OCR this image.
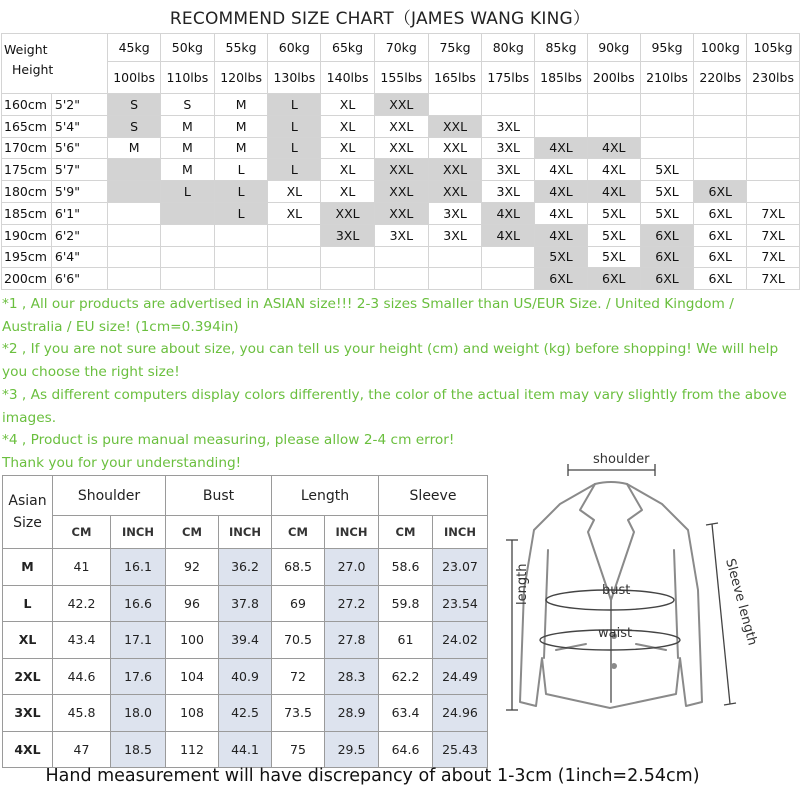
RECOMMEND SIZE CHART（JAMES WANG KING）
Weight
Height		45kg	50kg	55kg	60kg	65kg	70kg	75kg	80kg	85kg	90kg	95kg	100kg	105kg
		100lbs	110lbs	120lbs	130lbs	140lbs	155lbs	165lbs	175lbs	185lbs	200lbs	210lbs	220lbs	230lbs
160cm	5'2"	S	S	M	L	XL	XXL							
165cm	5'4"	S	M	M	L	XL	XXL	XXL	3XL					
170cm	5'6"	M	M	M	L	XL	XXL	XXL	3XL	4XL	4XL			
175cm	5'7"		M	L	L	XL	XXL	XXL	3XL	4XL	4XL	5XL		
180cm	5'9"		L	L	XL	XL	XXL	XXL	3XL	4XL	4XL	5XL	6XL	
185cm	6'1"			L	XL	XXL	XXL	3XL	4XL	4XL	5XL	5XL	6XL	7XL
190cm	6'2"					3XL	3XL	3XL	4XL	4XL	5XL	6XL	6XL	7XL
195cm	6'4"									5XL	5XL	6XL	6XL	7XL
200cm	6'6"									6XL	6XL	6XL	6XL	7XL
*1 , All our products are advertised in ASIAN size!!! 2-3 sizes Smaller than US/EUR Size. / United Kingdom / Australia / EU size! (1cm=0.394in)
*2 , If you are not sure about size, you can tell us your height (cm) and weight (kg) before shopping! We will help you choose the right size!
*3 , As different computers display colors differently, the color of the actual item may vary slightly from the above images.
*4 , Product is pure manual measuring, please allow 2-4 cm error!
Thank you for your understanding!
Asian
Size	Shoulder		Bust		Length		Sleeve	
	CM	INCH	CM	INCH	CM	INCH	CM	INCH
M	41	16.1	92	36.2	68.5	27.0	58.6	23.07
L	42.2	16.6	96	37.8	69	27.2	59.8	23.54
XL	43.4	17.1	100	39.4	70.5	27.8	61	24.02
2XL	44.6	17.6	104	40.9	72	28.3	62.2	24.49
3XL	45.8	18.0	108	42.5	73.5	28.9	63.4	24.96
4XL	47	18.5	112	44.1	75	29.5	64.6	25.43
shoulder
length	bust
waist	Sleeve length
Hand measurement will have discrepancy of about 1-3cm (1inch=2.54cm)
